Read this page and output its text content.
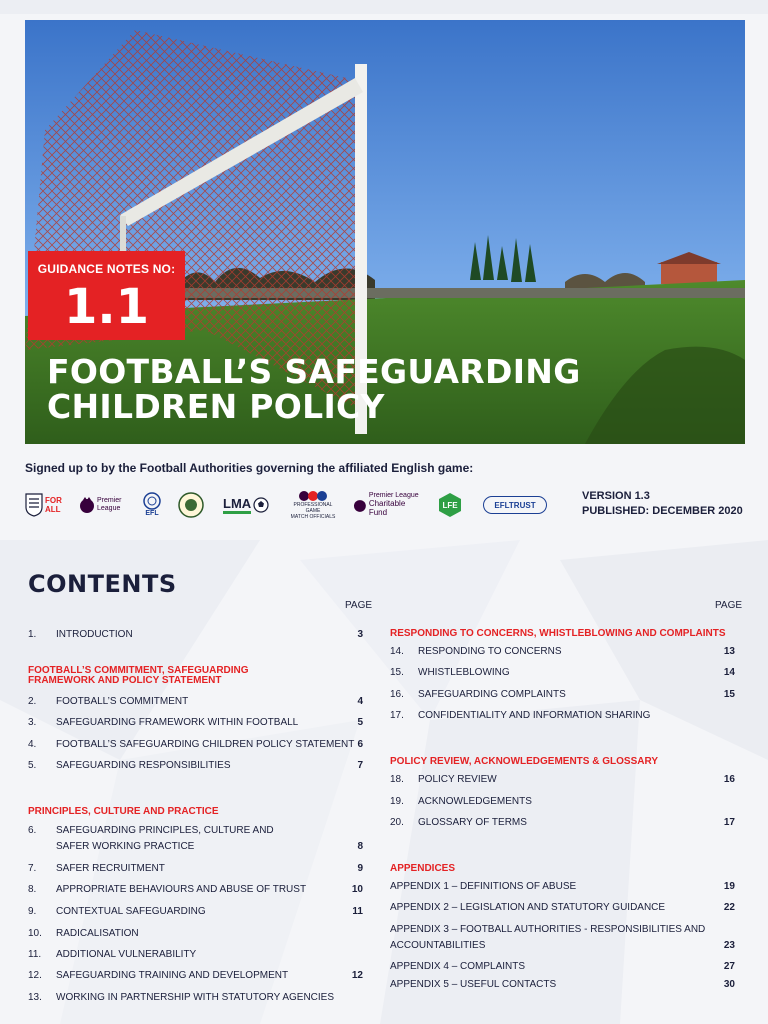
GUIDANCE NOTES NO:
1.1
FOOTBALL’S SAFEGUARDING
CHILDREN POLICY
Signed up to by the Football Authorities governing the affiliated English game:
FOR ALL
Premier
League
EFL
LMA	PROFESSIONAL GAME
MATCH OFFICIALS
Premier League
Charitable Fund
LFE	EFLTRUST
VERSION 1.3
PUBLISHED: DECEMBER 2020
CONTENTS
PAGE	PAGE
1. INTRODUCTION	3
FOOTBALL’S COMMITMENT, SAFEGUARDING
FRAMEWORK AND POLICY STATEMENT
2. FOOTBALL’S COMMITMENT	4
3. SAFEGUARDING FRAMEWORK WITHIN FOOTBALL	5
4. FOOTBALL’S SAFEGUARDING CHILDREN POLICY STATEMENT 6
5. SAFEGUARDING RESPONSIBILITIES	7
PRINCIPLES, CULTURE AND PRACTICE
6. SAFEGUARDING PRINCIPLES, CULTURE AND
SAFER WORKING PRACTICE	8
7. SAFER RECRUITMENT	9
8. APPROPRIATE BEHAVIOURS AND ABUSE OF TRUST	10
9. CONTEXTUAL SAFEGUARDING	11
10. RADICALISATION
11. ADDITIONAL VULNERABILITY
12. SAFEGUARDING TRAINING AND DEVELOPMENT	12
13. WORKING IN PARTNERSHIP WITH STATUTORY AGENCIES
RESPONDING TO CONCERNS, WHISTLEBLOWING AND COMPLAINTS
14. RESPONDING TO CONCERNS	13
15. WHISTLEBLOWING	14
16. SAFEGUARDING COMPLAINTS	15
17. CONFIDENTIALITY AND INFORMATION SHARING
POLICY REVIEW, ACKNOWLEDGEMENTS & GLOSSARY
18. POLICY REVIEW	16
19. ACKNOWLEDGEMENTS
20. GLOSSARY OF TERMS	17
APPENDICES
APPENDIX 1 – DEFINITIONS OF ABUSE	19
APPENDIX 2 – LEGISLATION AND STATUTORY GUIDANCE	22
APPENDIX 3 – FOOTBALL AUTHORITIES - RESPONSIBILITIES AND
ACCOUNTABILITIES	23
APPENDIX 4 – COMPLAINTS	27
APPENDIX 5 – USEFUL CONTACTS	30
